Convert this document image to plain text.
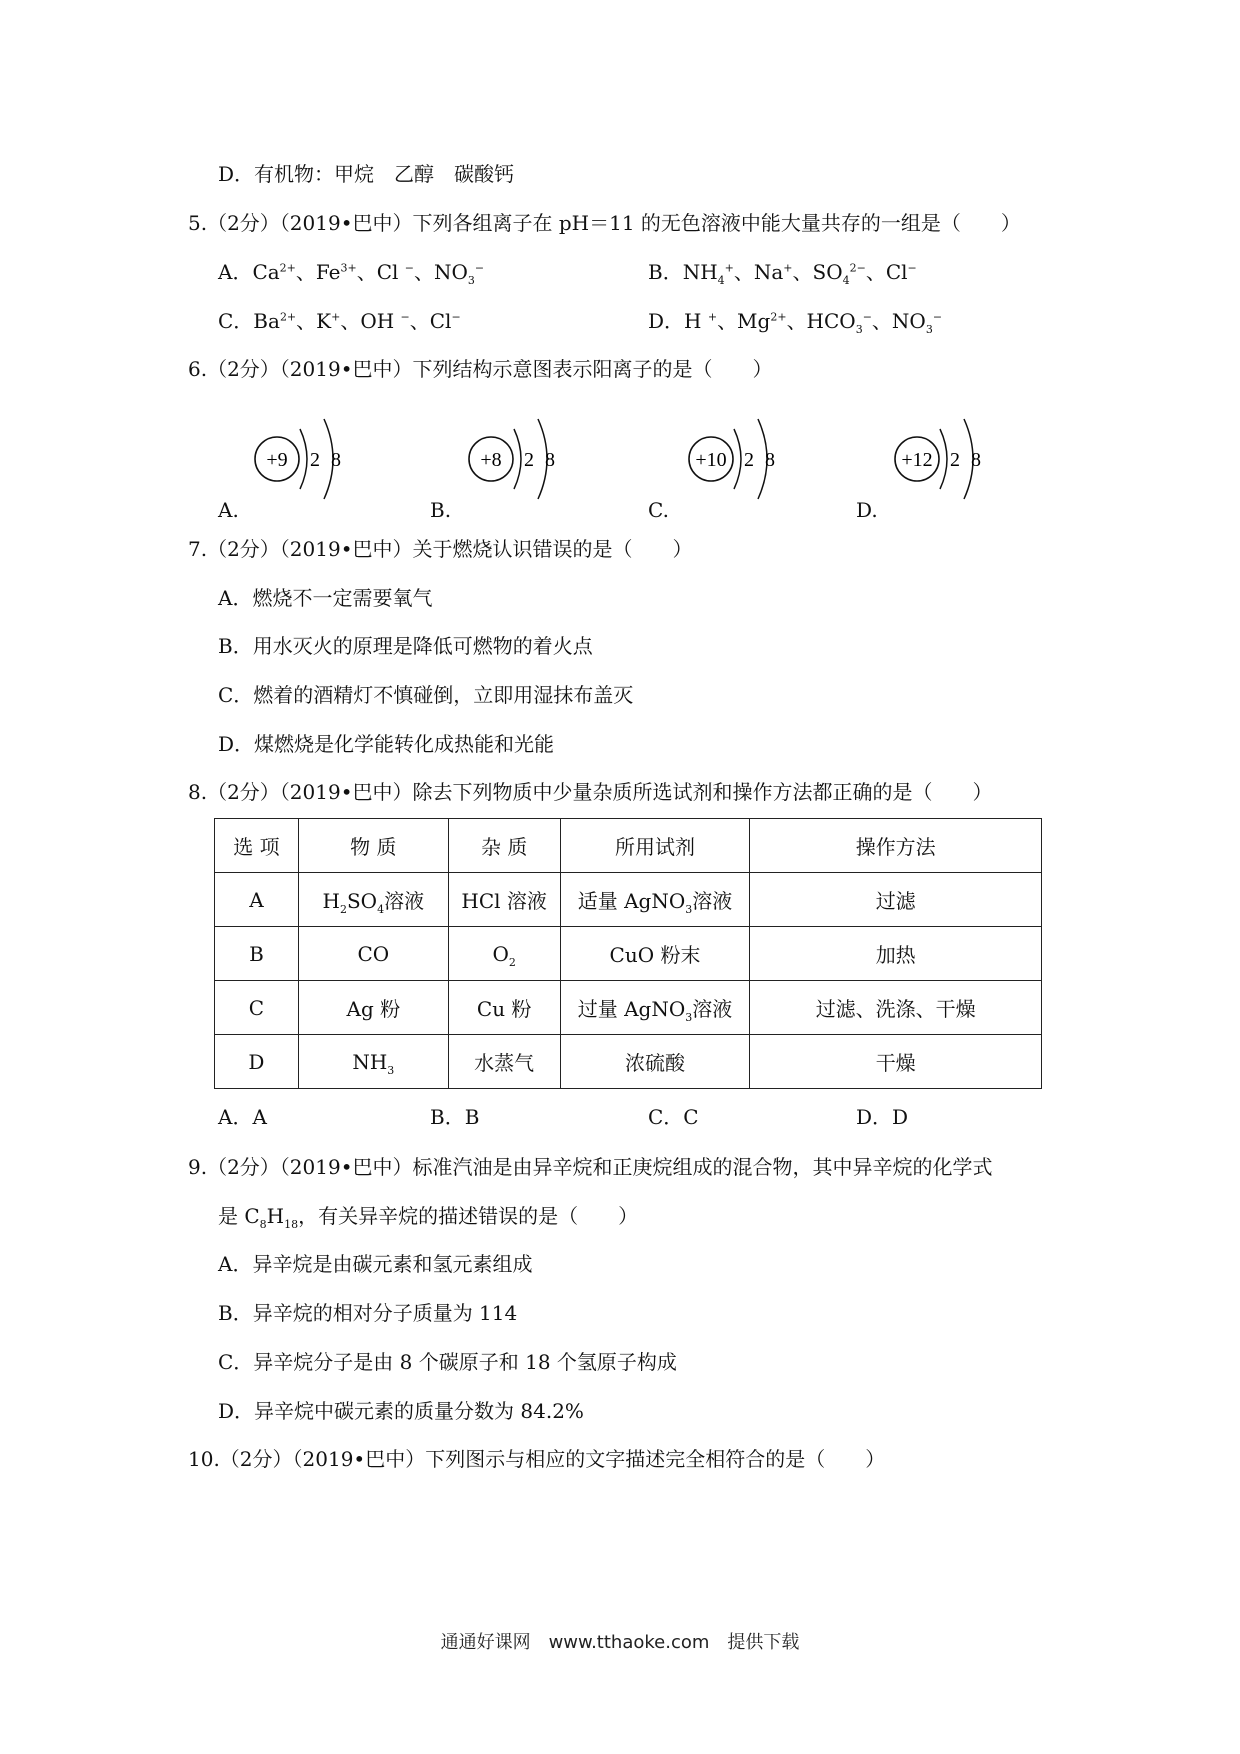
D．有机物：甲烷　乙醇　碳酸钙
5.（2分）（2019•巴中）下列各组离子在 pH＝11 的无色溶液中能大量共存的一组是（　　）
A．$Ca^{2+}$、$Fe^{3+}$、Cl −、$NO_3^-$	B．$NH_4^+$、Na+、$SO_4^{2-}$、Cl−
C．$Ba^{2+}$、K+、OH −、Cl−	D．H +、$Mg^{2+}$、$HCO_3^-$、$NO_3^-$
6.（2分）（2019•巴中）下列结构示意图表示阳离子的是（　　）
+9 2 8
A.
+8 2 8
B.
+10 2 8
C.
+12 2 8
D.
7.（2分）（2019•巴中）关于燃烧认识错误的是（　　）
A．燃烧不一定需要氧气
B．用水灭火的原理是降低可燃物的着火点
C．燃着的酒精灯不慎碰倒，立即用湿抹布盖灭
D．煤燃烧是化学能转化成热能和光能
8.（2分）（2019•巴中）除去下列物质中少量杂质所选试剂和操作方法都正确的是（　　）
选 项	物 质	杂 质	所用试剂	操作方法
A	$H_2SO_4$溶液	HCl 溶液	适量 AgNO$_3$溶液	过滤
B	CO	$O_2$	CuO 粉末	加热
C	Ag 粉	Cu 粉	过量 AgNO$_3$溶液	过滤、洗涤、干燥
D	$NH_3$	水蒸气	浓硫酸	干燥
A．A	B．B	C．C	D．D
9.（2分）（2019•巴中）标准汽油是由异辛烷和正庚烷组成的混合物，其中异辛烷的化学式
是 $C_8H_{18}$，有关异辛烷的描述错误的是（　　）
A．异辛烷是由碳元素和氢元素组成
B．异辛烷的相对分子质量为 114
C．异辛烷分子是由 8 个碳原子和 18 个氢原子构成
D．异辛烷中碳元素的质量分数为 84.2%
10.（2分）（2019•巴中）下列图示与相应的文字描述完全相符合的是（　　）
通通好课网　www.tthaoke.com　提供下载
